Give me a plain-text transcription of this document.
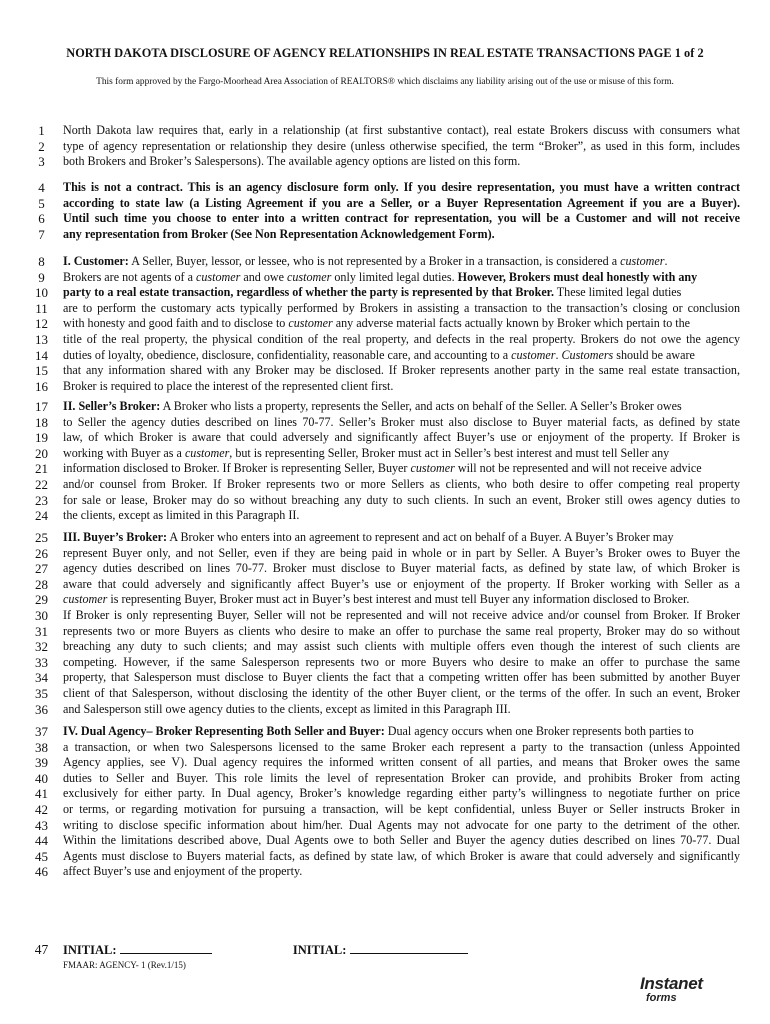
NORTH DAKOTA DISCLOSURE OF AGENCY RELATIONSHIPS IN REAL ESTATE TRANSACTIONS PAGE 1 of 2
This form approved by the Fargo-Moorhead Area Association of REALTORS® which disclaims any liability arising out of the use or misuse of this form.
1	North Dakota law requires that, early in a relationship (at first substantive contact), real estate Brokers discuss with consumers what
2	type of agency representation or relationship they desire (unless otherwise specified, the term “Broker”, as used in this form, includes
3	both Brokers and Broker’s Salespersons). The available agency options are listed on this form.
4	This is not a contract. This is an agency disclosure form only. If you desire representation, you must have a written contract
5	according to state law (a Listing Agreement if you are a Seller, or a Buyer Representation Agreement if you are a Buyer).
6	Until such time you choose to enter into a written contract for representation, you will be a Customer and will not receive
7	any representation from Broker (See Non Representation Acknowledgement Form).
8	I. Customer: A Seller, Buyer, lessor, or lessee, who is not represented by a Broker in a transaction, is considered a customer.
9	Brokers are not agents of a customer and owe customer only limited legal duties. However, Brokers must deal honestly with any
10	party to a real estate transaction, regardless of whether the party is represented by that Broker. These limited legal duties
11	are to perform the customary acts typically performed by Brokers in assisting a transaction to the transaction’s closing or conclusion
12	with honesty and good faith and to disclose to customer any adverse material facts actually known by Broker which pertain to the
13	title of the real property, the physical condition of the real property, and defects in the real property. Brokers do not owe the agency
14	duties of loyalty, obedience, disclosure, confidentiality, reasonable care, and accounting to a customer. Customers should be aware
15	that any information shared with any Broker may be disclosed. If Broker represents another party in the same real estate transaction,
16	Broker is required to place the interest of the represented client first.
17	II. Seller’s Broker: A Broker who lists a property, represents the Seller, and acts on behalf of the Seller. A Seller’s Broker owes
18	to Seller the agency duties described on lines 70-77. Seller’s Broker must also disclose to Buyer material facts, as defined by state
19	law, of which Broker is aware that could adversely and significantly affect Buyer’s use or enjoyment of the property. If Broker is
20	working with Buyer as a customer, but is representing Seller, Broker must act in Seller’s best interest and must tell Seller any
21	information disclosed to Broker. If Broker is representing Seller, Buyer customer will not be represented and will not receive advice
22	and/or counsel from Broker. If Broker represents two or more Sellers as clients, who both desire to offer competing real property
23	for sale or lease, Broker may do so without breaching any duty to such clients. In such an event, Broker still owes agency duties to
24	the clients, except as limited in this Paragraph II.
25	III. Buyer’s Broker: A Broker who enters into an agreement to represent and act on behalf of a Buyer. A Buyer’s Broker may
26	represent Buyer only, and not Seller, even if they are being paid in whole or in part by Seller. A Buyer’s Broker owes to Buyer the
27	agency duties described on lines 70-77. Broker must disclose to Buyer material facts, as defined by state law, of which Broker is
28	aware that could adversely and significantly affect Buyer’s use or enjoyment of the property. If Broker working with Seller as a
29	customer is representing Buyer, Broker must act in Buyer’s best interest and must tell Buyer any information disclosed to Broker.
30	If Broker is only representing Buyer, Seller will not be represented and will not receive advice and/or counsel from Broker. If Broker
31	represents two or more Buyers as clients who desire to make an offer to purchase the same real property, Broker may do so without
32	breaching any duty to such clients; and may assist such clients with multiple offers even though the interest of such clients are
33	competing. However, if the same Salesperson represents two or more Buyers who desire to make an offer to purchase the same
34	property, that Salesperson must disclose to Buyer clients the fact that a competing written offer has been submitted by another Buyer
35	client of that Salesperson, without disclosing the identity of the other Buyer client, or the terms of the offer. In such an event, Broker
36	and Salesperson still owe agency duties to the clients, except as limited in this Paragraph III.
37	IV. Dual Agency– Broker Representing Both Seller and Buyer: Dual agency occurs when one Broker represents both parties to
38	a transaction, or when two Salespersons licensed to the same Broker each represent a party to the transaction (unless Appointed
39	Agency applies, see V). Dual agency requires the informed written consent of all parties, and means that Broker owes the same
40	duties to Seller and Buyer. This role limits the level of representation Broker can provide, and prohibits Broker from acting
41	exclusively for either party. In Dual agency, Broker’s knowledge regarding either party’s willingness to negotiate further on price
42	or terms, or regarding motivation for pursuing a transaction, will be kept confidential, unless Buyer or Seller instructs Broker in
43	writing to disclose specific information about him/her. Dual Agents may not advocate for one party to the detriment of the other.
44	Within the limitations described above, Dual Agents owe to both Seller and Buyer the agency duties described on lines 70-77. Dual
45	Agents must disclose to Buyers material facts, as defined by state law, of which Broker is aware that could adversely and significantly
46	affect Buyer’s use and enjoyment of the property.
47	INITIAL:	INITIAL:
FMAAR: AGENCY- 1 (Rev.1/15)
Instanet
forms
